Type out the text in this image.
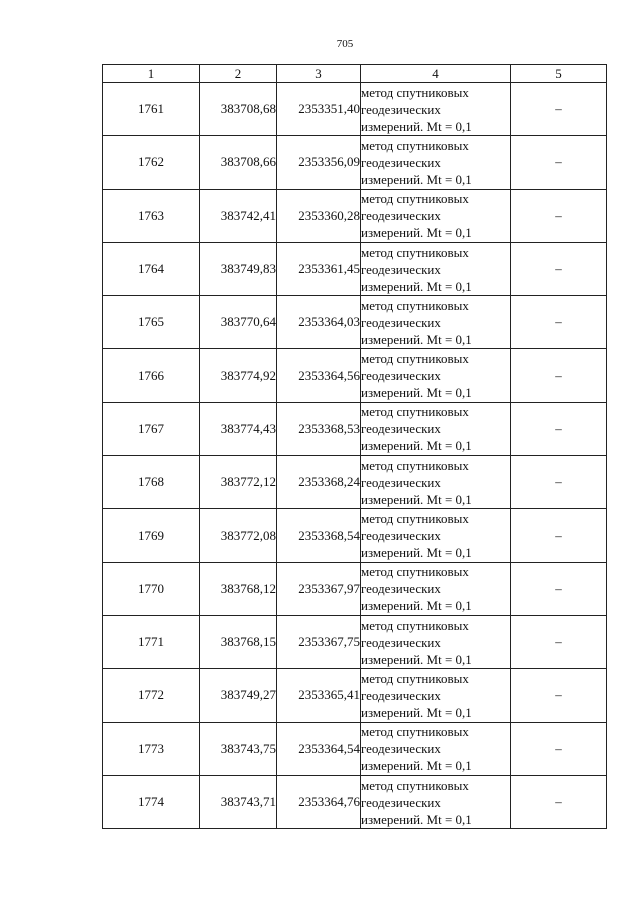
705
1	2	3	4	5
1761	383708,68	2353351,40	метод спутниковых
геодезических
измерений. Mt = 0,1	–
1762	383708,66	2353356,09	метод спутниковых
геодезических
измерений. Mt = 0,1	–
1763	383742,41	2353360,28	метод спутниковых
геодезических
измерений. Mt = 0,1	–
1764	383749,83	2353361,45	метод спутниковых
геодезических
измерений. Mt = 0,1	–
1765	383770,64	2353364,03	метод спутниковых
геодезических
измерений. Mt = 0,1	–
1766	383774,92	2353364,56	метод спутниковых
геодезических
измерений. Mt = 0,1	–
1767	383774,43	2353368,53	метод спутниковых
геодезических
измерений. Mt = 0,1	–
1768	383772,12	2353368,24	метод спутниковых
геодезических
измерений. Mt = 0,1	–
1769	383772,08	2353368,54	метод спутниковых
геодезических
измерений. Mt = 0,1	–
1770	383768,12	2353367,97	метод спутниковых
геодезических
измерений. Mt = 0,1	–
1771	383768,15	2353367,75	метод спутниковых
геодезических
измерений. Mt = 0,1	–
1772	383749,27	2353365,41	метод спутниковых
геодезических
измерений. Mt = 0,1	–
1773	383743,75	2353364,54	метод спутниковых
геодезических
измерений. Mt = 0,1	–
1774	383743,71	2353364,76	метод спутниковых
геодезических
измерений. Mt = 0,1	–
